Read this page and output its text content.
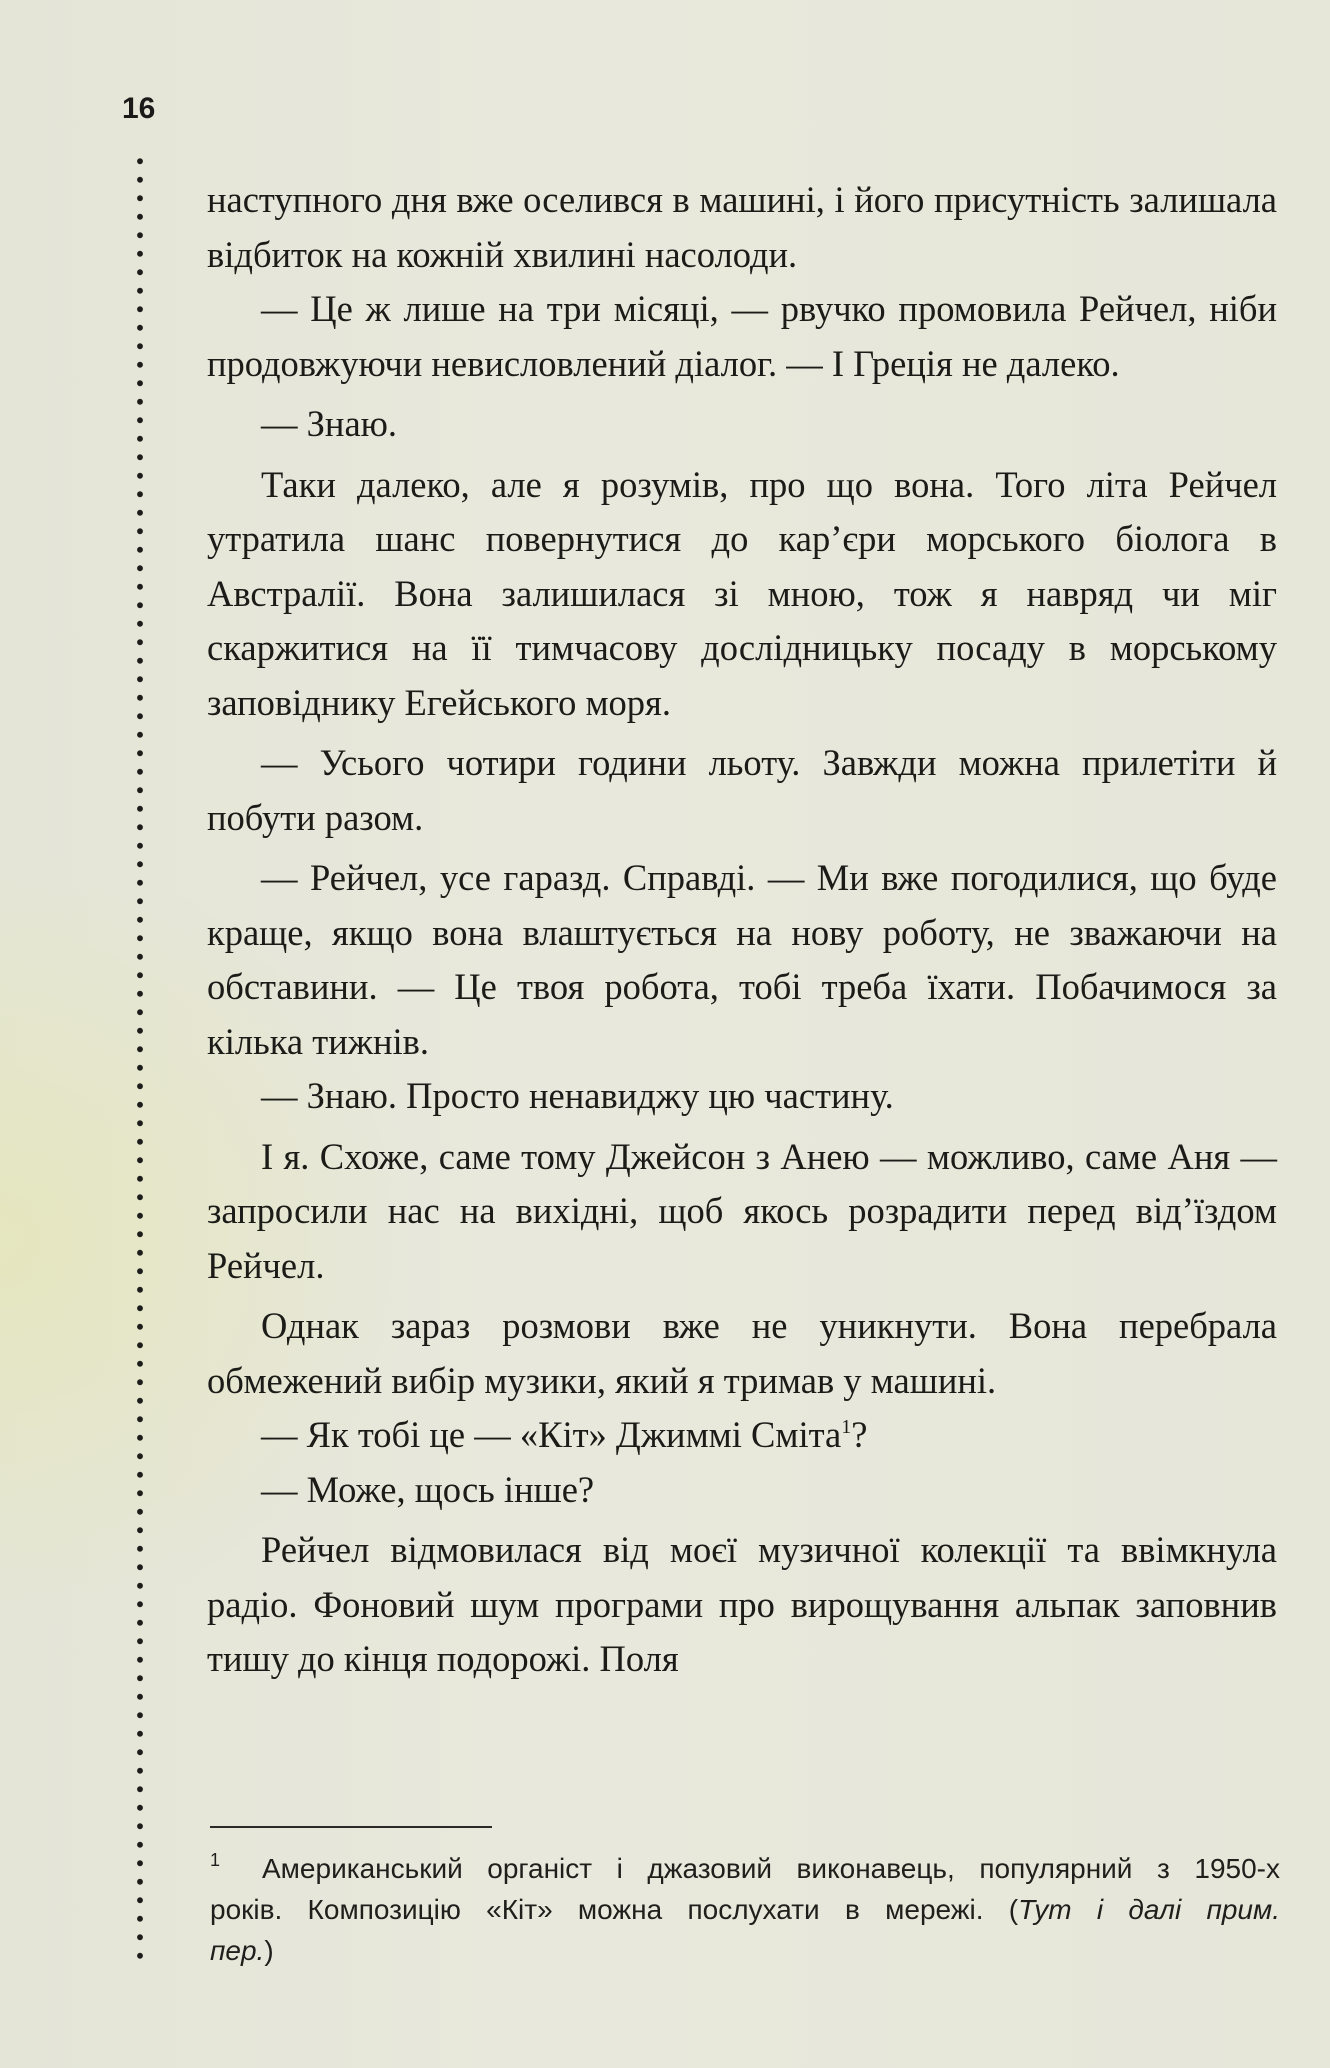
16

наступного дня вже оселився в машині, і його присутність залишала відбиток на кожній хвилині насолоди.

— Це ж лише на три місяці, — рвучко промовила Рейчел, ніби продовжуючи невисловлений діалог. — І Греція не далеко.

— Знаю.

Таки далеко, але я розумів, про що вона. Того літа Рейчел утратила шанс повернутися до кар’єри морського біолога в Австралії. Вона залишилася зі мною, тож я навряд чи міг скаржитися на її тимчасову дослідницьку посаду в морському заповіднику Егейського моря.

— Усього чотири години льоту. Завжди можна прилетіти й побути разом.

— Рейчел, усе гаразд. Справді. — Ми вже погодилися, що буде краще, якщо вона влаштується на нову роботу, не зважаючи на обставини. — Це твоя робота, тобі треба їхати. Побачимося за кілька тижнів.

— Знаю. Просто ненавиджу цю частину.

І я. Схоже, саме тому Джейсон з Анею — можливо, саме Аня — запросили нас на вихідні, щоб якось розрадити перед від’їздом Рейчел.

Однак зараз розмови вже не уникнути. Вона перебрала обмежений вибір музики, який я тримав у машині.

— Як тобі це — «Кіт» Джиммі Сміта$^1$?

— Може, щось інше?

Рейчел відмовилася від моєї музичної колекції та ввімкнула радіо. Фоновий шум програми про вирощування альпак заповнив тишу до кінця подорожі. Поля

1 Американський органіст і джазовий виконавець, популярний з 1950-х
років. Композицію «Кіт» можна послухати в мережі. (Тут і далі прим.
пер.)
